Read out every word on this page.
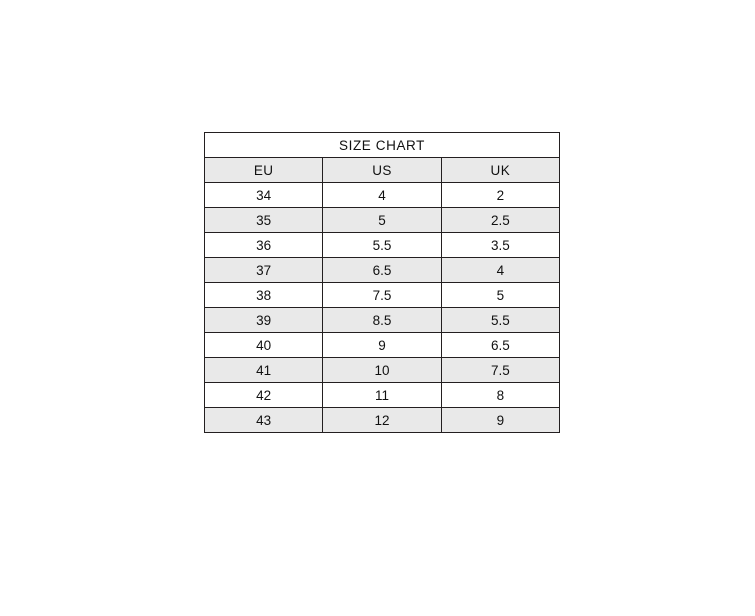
SIZE CHART		
EU	US	UK
34	4	2
35	5	2.5
36	5.5	3.5
37	6.5	4
38	7.5	5
39	8.5	5.5
40	9	6.5
41	10	7.5
42	11	8
43	12	9
